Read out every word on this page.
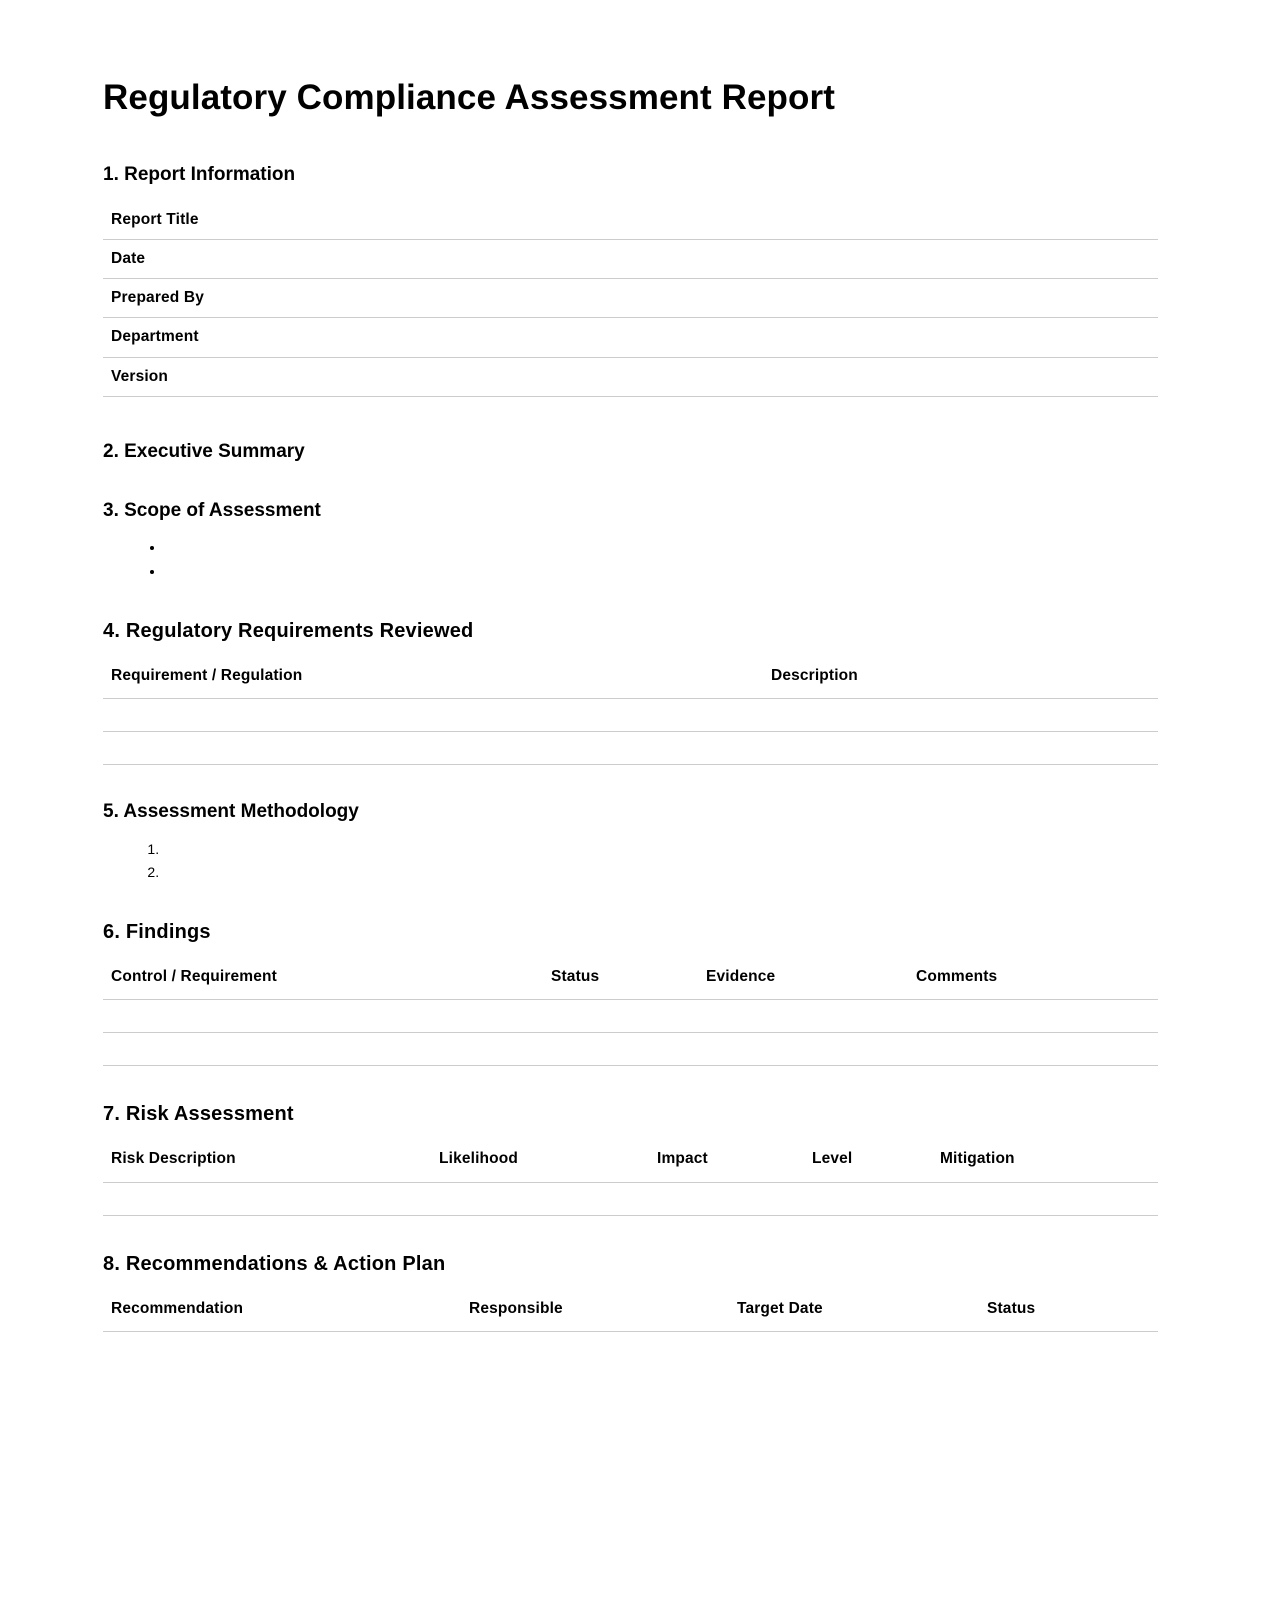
Regulatory Compliance Assessment Report
1. Report Information
Report Title	
Date	
Prepared By	
Department	
Version	
2. Executive Summary
3. Scope of Assessment
•
•
4. Regulatory Requirements Reviewed
Requirement / Regulation	Description

5. Assessment Methodology
1.
2.
6. Findings
Control / Requirement	Status	Evidence	Comments

7. Risk Assessment
Risk Description	Likelihood	Impact	Level	Mitigation

8. Recommendations & Action Plan
Recommendation	Responsible	Target Date	Status
